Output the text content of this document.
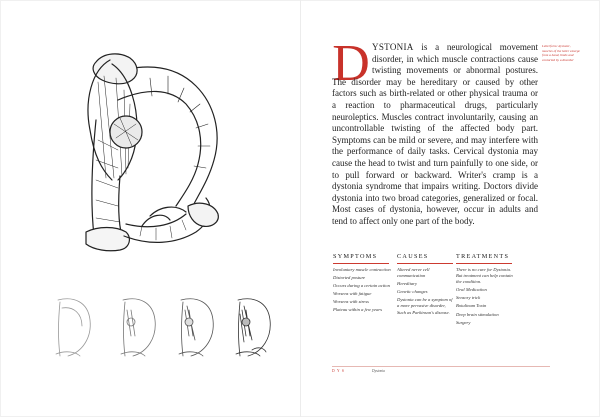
D YSTONIA is a neurological movement disorder, in which muscle contractions cause twisting movements or abnormal postures. The disorder may be hereditary or caused by other factors such as birth-related or other physical trauma or a reaction to pharmaceutical drugs, particularly neuroleptics. Muscles contract involuntarily, causing an uncontrollable twisting of the affected body part. Symptoms can be mild or severe, and may interfere with the performance of daily tasks. Cervical dystonia may cause the head to twist and turn painfully to one side, or to pull forward or backward. Writer's cramp is a dystonia syndrome that impairs writing. Doctors divide dystonia into two broad categories, generalized or focal. Most cases of dystonia, however, occur in adults and tend to affect only one part of the body.
Letterform: dystonic, muscles of the letter emerge from a hand, limbs and contorted by a disorder
SYMPTOMS

Involuntary muscle contraction

Distorted posture

Occurs during a certain action

Worsens with fatigue

Worsens with stress

Plateau within a few years

CAUSES

Altered nerve cell communication

Hereditary

Genetic changes

Dystonia can be a symptom of a more pervasive disorder, Such as Parkinson's disease.

TREATMENTS

There is no cure for Dystonia. But treatment can help contain the condition.

Oral Medication

Sensory trick

Botulinum Toxin

Deep brain stimulation

Surgery

D Y S	Dystonia
